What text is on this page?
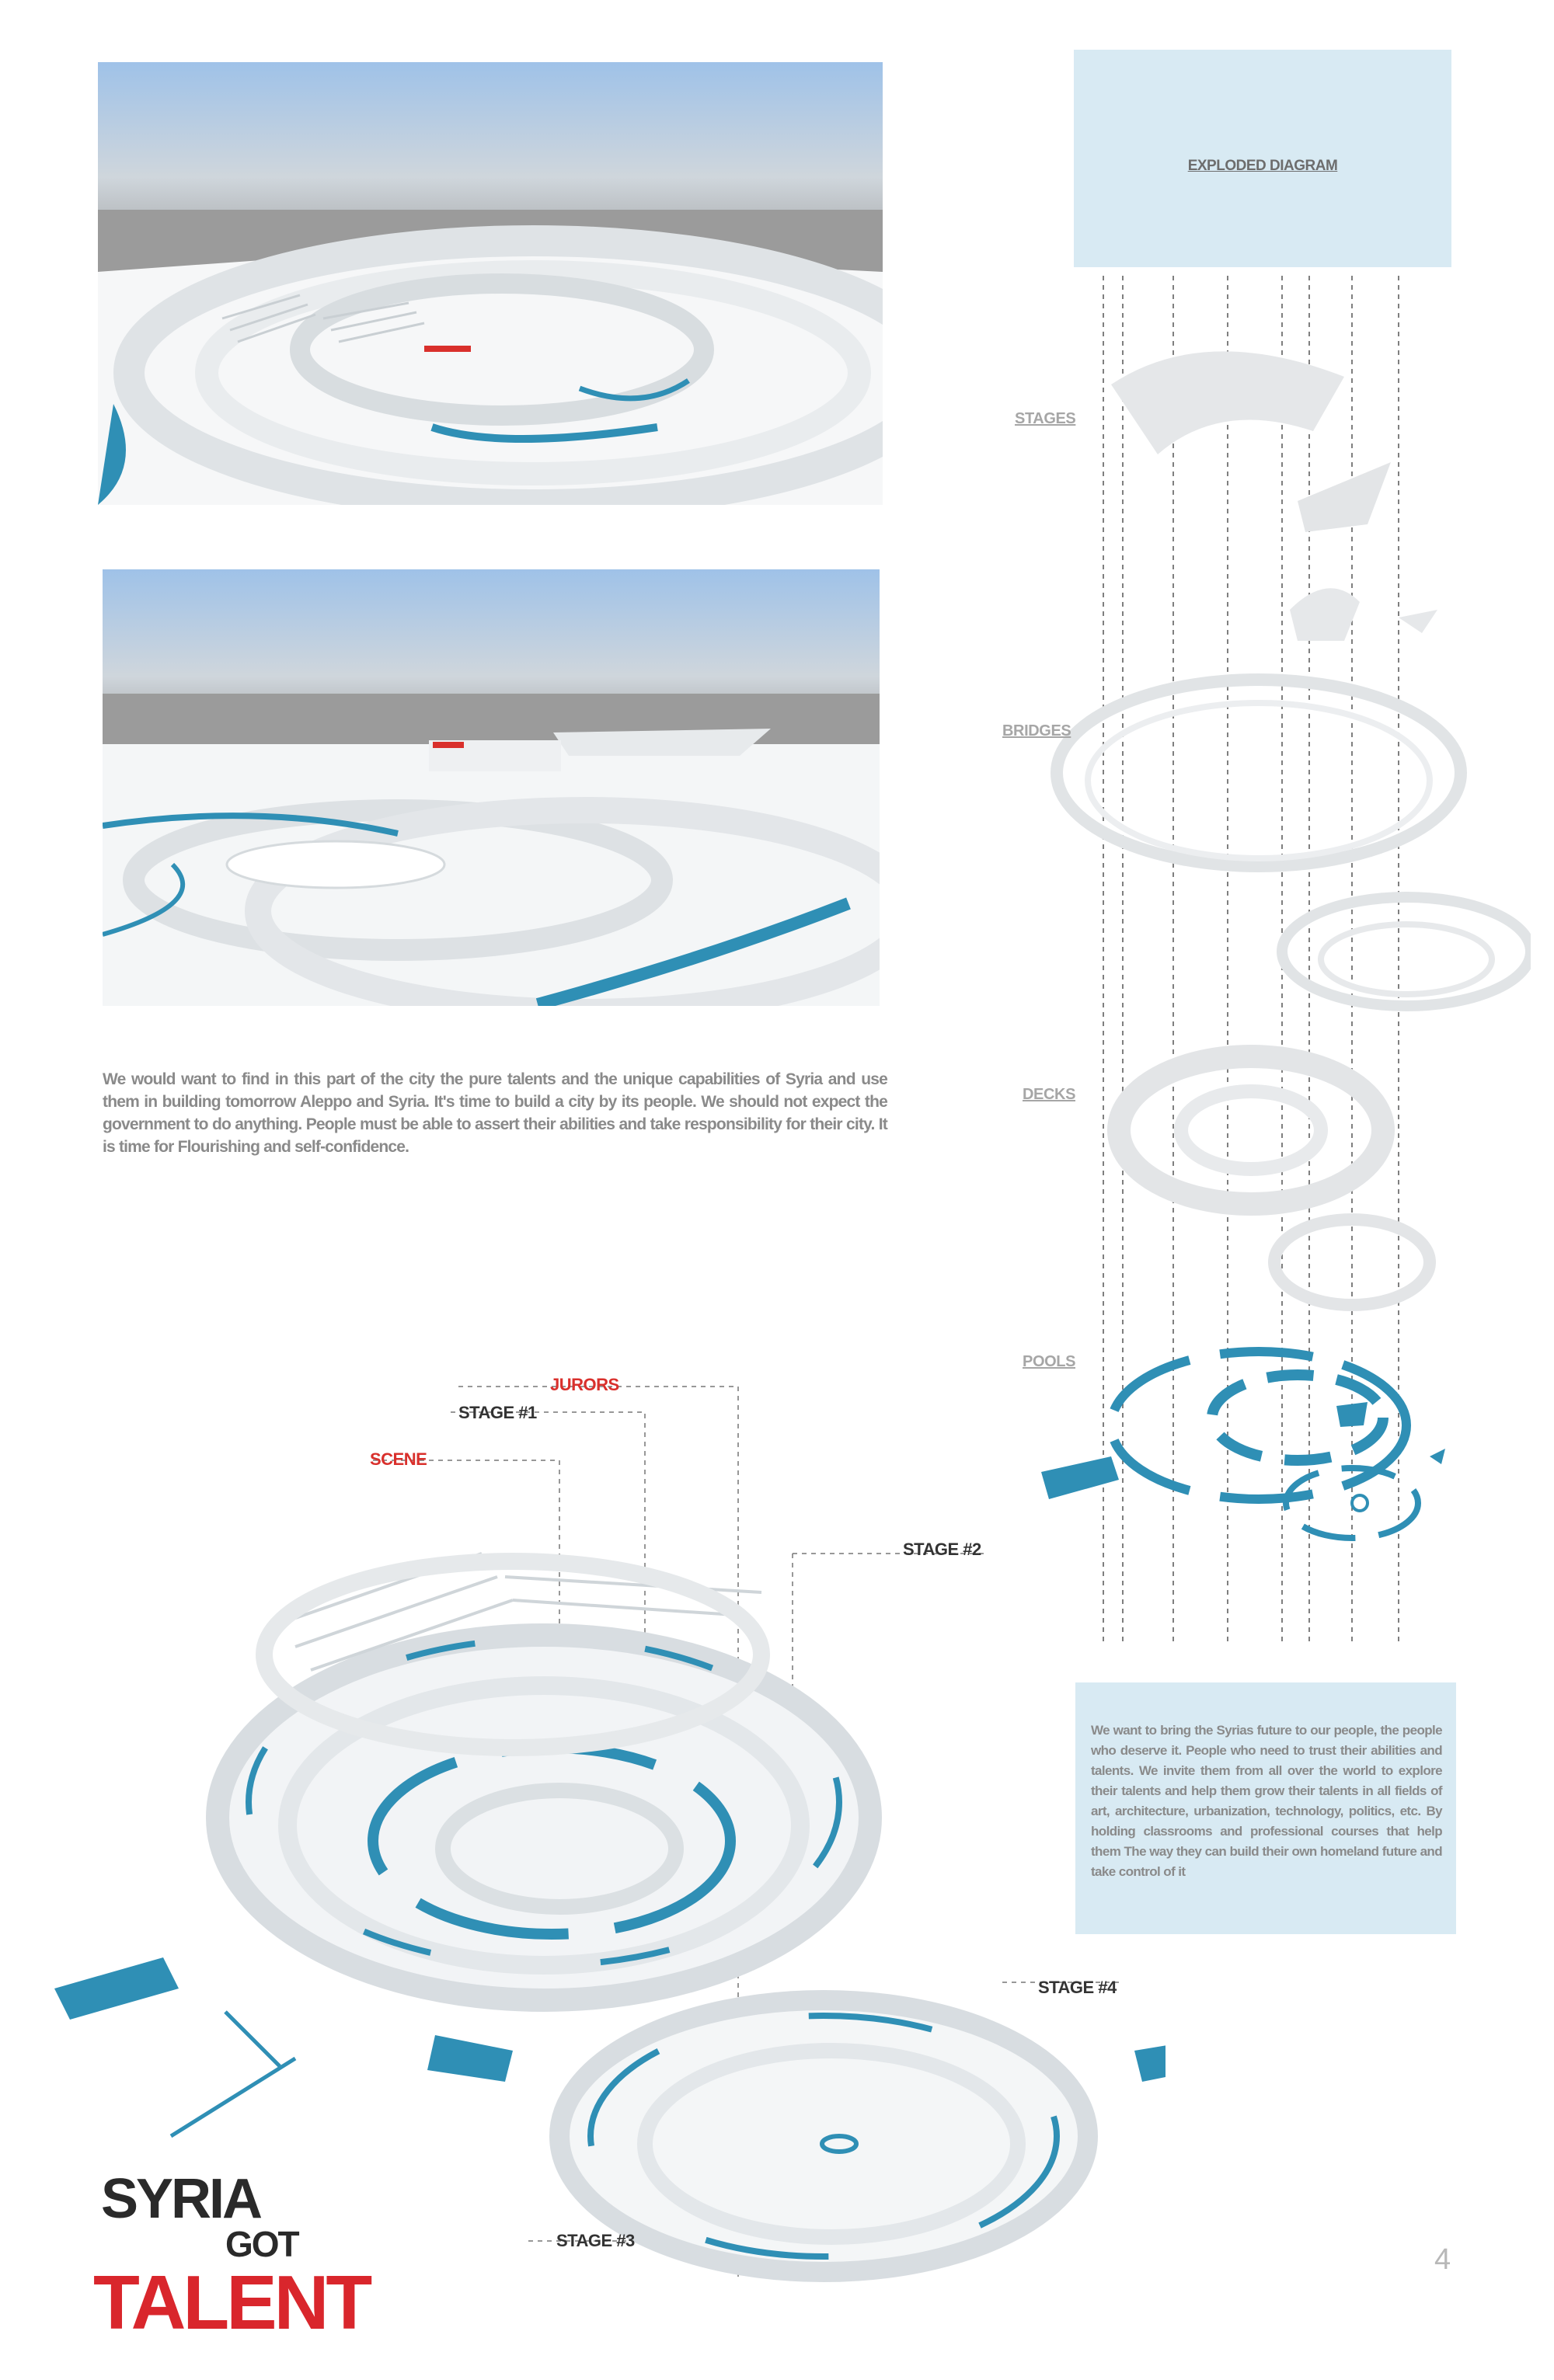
We would want to find in this part of the city the pure talents and the unique capabilities of Syria and use them in building tomorrow Aleppo and Syria. It's time to build a city by its people. We should not expect the government to do anything. People must be able to assert their abilities and take responsibility for their city. It is time for Flourishing and self-confidence.
EXPLODED DIAGRAM
STAGES
BRIDGES
DECKS
POOLS
We want to bring the Syrias future to our people, the people who deserve it. People who need to trust their abilities and talents. We invite them from all over the world to explore their talents and help them grow their talents in all fields of art, architecture, urbanization, technology, politics, etc. By holding classrooms and professional courses that help them The way they can build their own homeland future and take control of it
JURORS
STAGE #1
SCENE
STAGE #2
STAGE #4
STAGE #3
SYRIA
GOT
TALENT	4
